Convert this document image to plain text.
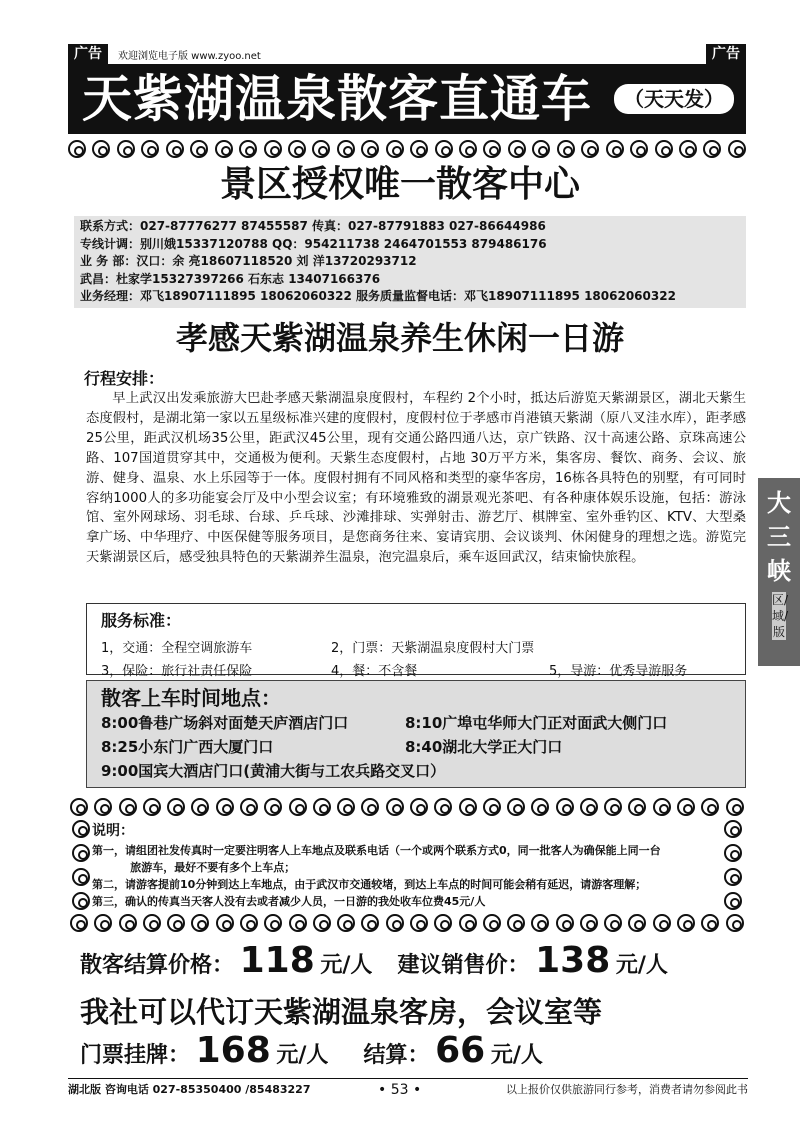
广告	欢迎浏览电子版 www.zyoo.net	广告
天紫湖温泉散客直通车	（天天发）
景区授权唯一散客中心
联系方式：027-87776277 87455587 传真：027-87791883 027-86644986
专线计调：别川娥15337120788 QQ：954211738 2464701553 879486176
业 务 部：汉口：余 亮18607118520 刘 洋13720293712
武昌：杜家学15327397266 石东志 13407166376
业务经理：邓飞18907111895 18062060322 服务质量监督电话：邓飞18907111895 18062060322
孝感天紫湖温泉养生休闲一日游
行程安排：
早上武汉出发乘旅游大巴赴孝感天紫湖温泉度假村，车程约 2个小时，抵达后游览天紫湖景区，湖北天紫生态度假村，是湖北第一家以五星级标准兴建的度假村，度假村位于孝感市肖港镇天紫湖（原八叉洼水库），距孝感25公里，距武汉机场35公里，距武汉45公里，现有交通公路四通八达，京广铁路、汉十高速公路、京珠高速公路、107国道贯穿其中，交通极为便利。天紫生态度假村，占地 30万平方米，集客房、餐饮、商务、会议、旅游、健身、温泉、水上乐园等于一体。度假村拥有不同风格和类型的豪华客房，16栋各具特色的别墅，有可同时容纳1000人的多功能宴会厅及中小型会议室；有环境雅致的湖景观光茶吧、有各种康体娱乐设施，包括：游泳馆、室外网球场、羽毛球、台球、乒乓球、沙滩排球、实弹射击、游艺厅、棋牌室、室外垂钓区、KTV、大型桑拿广场、中华理疗、中医保健等服务项目，是您商务往来、宴请宾朋、会议谈判、休闲健身的理想之选。游览完天紫湖景区后，感受独具特色的天紫湖养生温泉，泡完温泉后，乘车返回武汉，结束愉快旅程。
服务标准：
1，交通：全程空调旅游车	2，门票：天紫湖温泉度假村大门票
3，保险：旅行社责任保险	4，餐：不含餐	5，导游：优秀导游服务
散客上车时间地点：
8:00鲁巷广场斜对面楚天庐酒店门口	8:10广埠屯华师大门正对面武大侧门口
8:25小东门广西大厦门口	8:40湖北大学正大门口
9:00国宾大酒店门口(黄浦大街与工农兵路交叉口）
说明：
第一，请组团社发传真时一定要注明客人上车地点及联系电话（一个或两个联系方式0，同一批客人为确保能上同一台
旅游车，最好不要有多个上车点；
第二，请游客提前10分钟到达上车地点，由于武汉市交通较堵，到达上车点的时间可能会稍有延迟，请游客理解；
第三，确认的传真当天客人没有去或者减少人员，一日游的我处收车位费45元/人
散客结算价格： 118 元/人 建议销售价： 138 元/人
我社可以代订天紫湖温泉客房，会议室等
门票挂牌： 168 元/人 结算： 66 元/人
湖北版 咨询电话 027-85350400 /85483227	• 53 •	以上报价仅供旅游同行参考，消费者请勿参阅此书
大三峡
区/域/版
